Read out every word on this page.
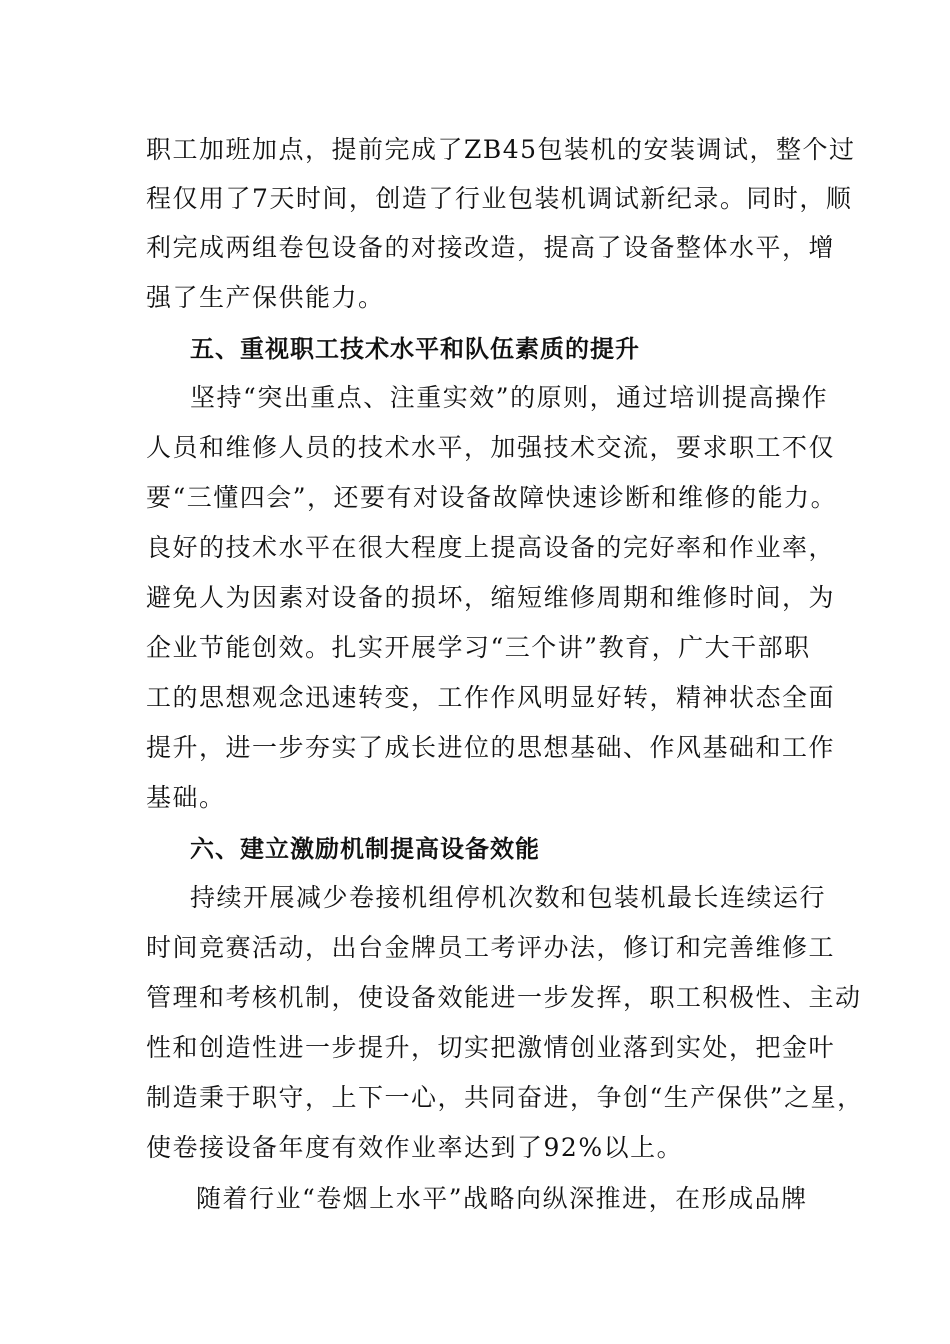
职工加班加点，提前完成了ZB45包装机的安装调试，整个过
程仅用了7天时间，创造了行业包装机调试新纪录。同时，顺
利完成两组卷包设备的对接改造，提高了设备整体水平，增
强了生产保供能力。
五、重视职工技术水平和队伍素质的提升
坚持“突出重点、注重实效”的原则，通过培训提高操作
人员和维修人员的技术水平，加强技术交流，要求职工不仅
要“三懂四会”，还要有对设备故障快速诊断和维修的能力。
良好的技术水平在很大程度上提高设备的完好率和作业率，
避免人为因素对设备的损坏，缩短维修周期和维修时间，为
企业节能创效。扎实开展学习“三个讲”教育，广大干部职
工的思想观念迅速转变，工作作风明显好转，精神状态全面
提升，进一步夯实了成长进位的思想基础、作风基础和工作
基础。
六、建立激励机制提高设备效能
持续开展减少卷接机组停机次数和包装机最长连续运行
时间竞赛活动，出台金牌员工考评办法，修订和完善维修工
管理和考核机制，使设备效能进一步发挥，职工积极性、主动
性和创造性进一步提升，切实把激情创业落到实处，把金叶
制造秉于职守，上下一心，共同奋进，争创“生产保供”之星，
使卷接设备年度有效作业率达到了92%以上。
随着行业“卷烟上水平”战略向纵深推进，在形成品牌
